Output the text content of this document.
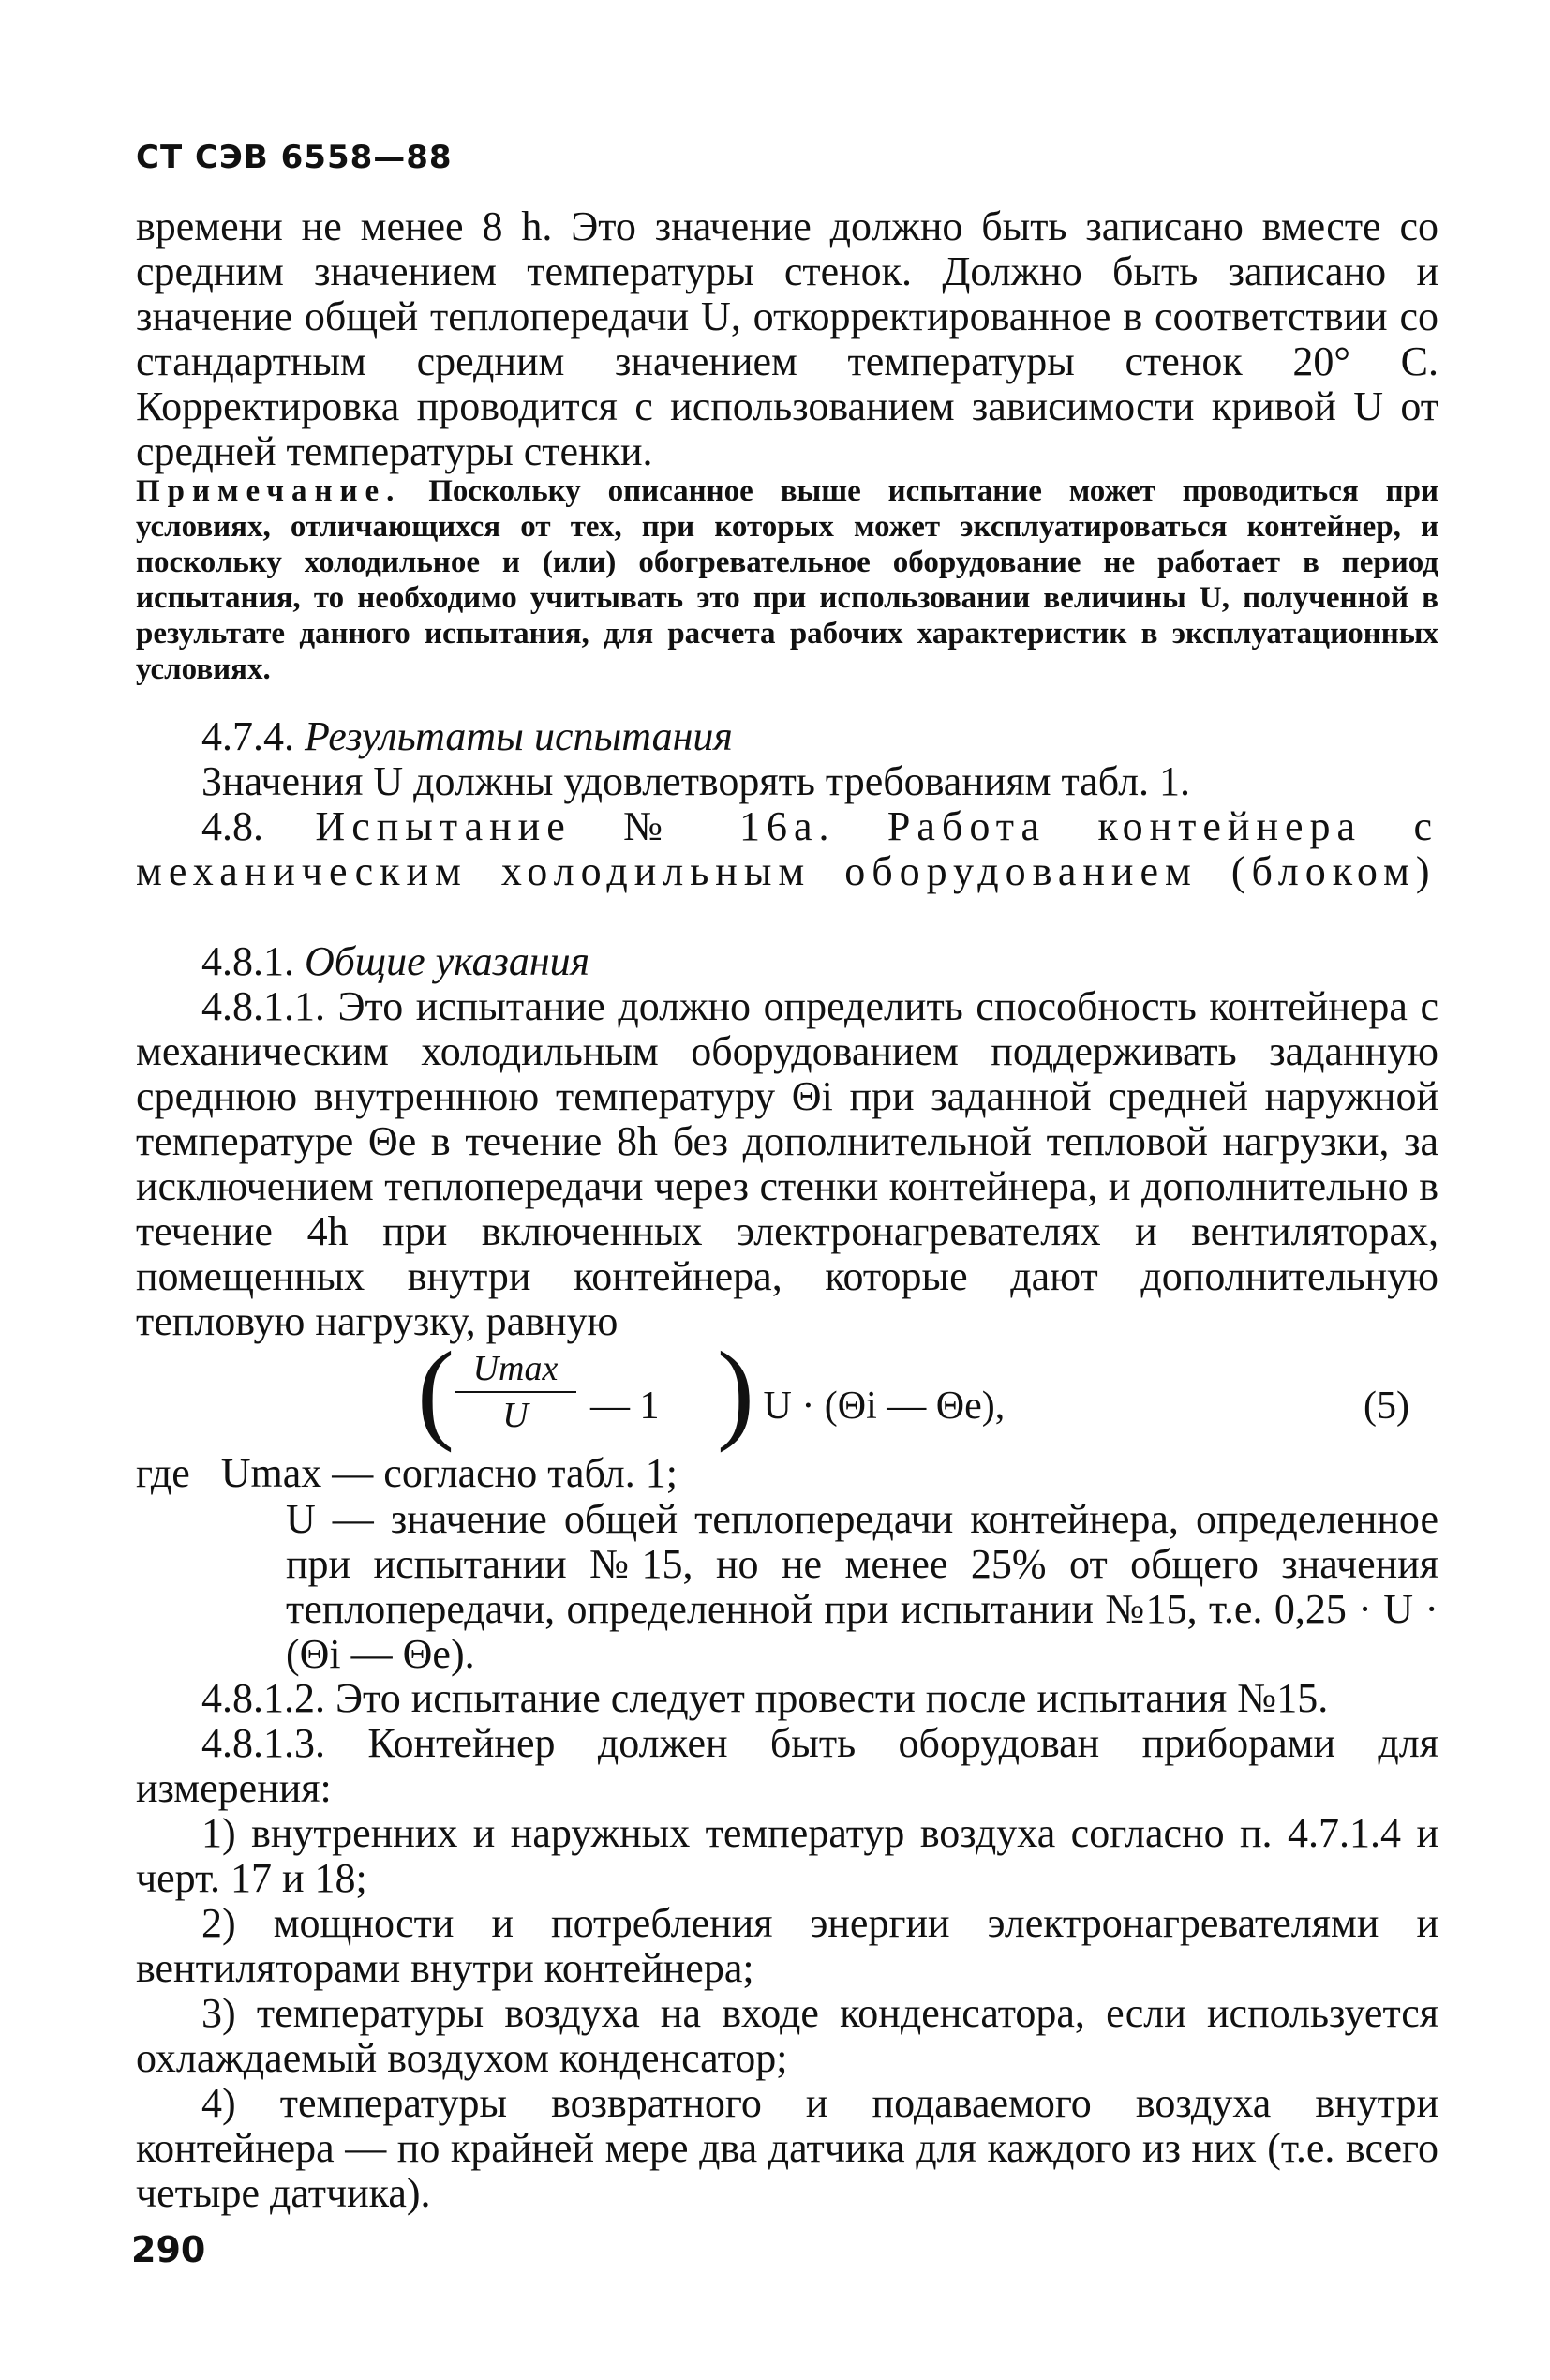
СТ СЭВ 6558—88
времени не менее 8 h. Это значение должно быть записано вместе со средним значением температуры стенок. Должно быть записано и значение общей теплопередачи U, откорректированное в соответствии со стандартным средним значением температуры стенок 20° С. Корректировка проводится с использованием зависимости кривой U от средней температуры стенки.
Примечание. Поскольку описанное выше испытание может проводиться при условиях, отличающихся от тех, при которых может эксплуатироваться контейнер, и поскольку холодильное и (или) обогревательное оборудование не работает в период испытания, то необходимо учитывать это при использовании величины U, полученной в результате данного испытания, для расчета рабочих характеристик в эксплуатационных условиях.
4.7.4. Результаты испытания
Значения U должны удовлетворять требованиям табл. 1.
4.8. Испытание № 16а. Работа контейнера с механическим холодильным оборудованием (блоком)
4.8.1. Общие указания
4.8.1.1. Это испытание должно определить способность контейнера с механическим холодильным оборудованием поддерживать заданную среднюю внутреннюю температуру Θi при заданной средней наружной температуре Θe в течение 8h без дополнительной тепловой нагрузки, за исключением теплопередачи через стенки контейнера, и дополнительно в течение 4h при включенных электронагревателях и вентиляторах, помещенных внутри контейнера, которые дают дополнительную тепловую нагрузку, равную
( Umax
U	— 1 )
· U · (Θi — Θe),	(5)
где Umax — согласно табл. 1;
U — значение общей теплопередачи контейнера, определенное при испытании №15, но не менее 25% от общего значения теплопередачи, определенной при испытании №15, т.е. 0,25 · U · (Θi — Θe).
4.8.1.2. Это испытание следует провести после испытания №15.
4.8.1.3. Контейнер должен быть оборудован приборами для измерения:
1) внутренних и наружных температур воздуха согласно п. 4.7.1.4 и черт. 17 и 18;
2) мощности и потребления энергии электронагревателями и вентиляторами внутри контейнера;
3) температуры воздуха на входе конденсатора, если используется охлаждаемый воздухом конденсатор;
4) температуры возвратного и подаваемого воздуха внутри контейнера — по крайней мере два датчика для каждого из них (т.е. всего четыре датчика).
290
